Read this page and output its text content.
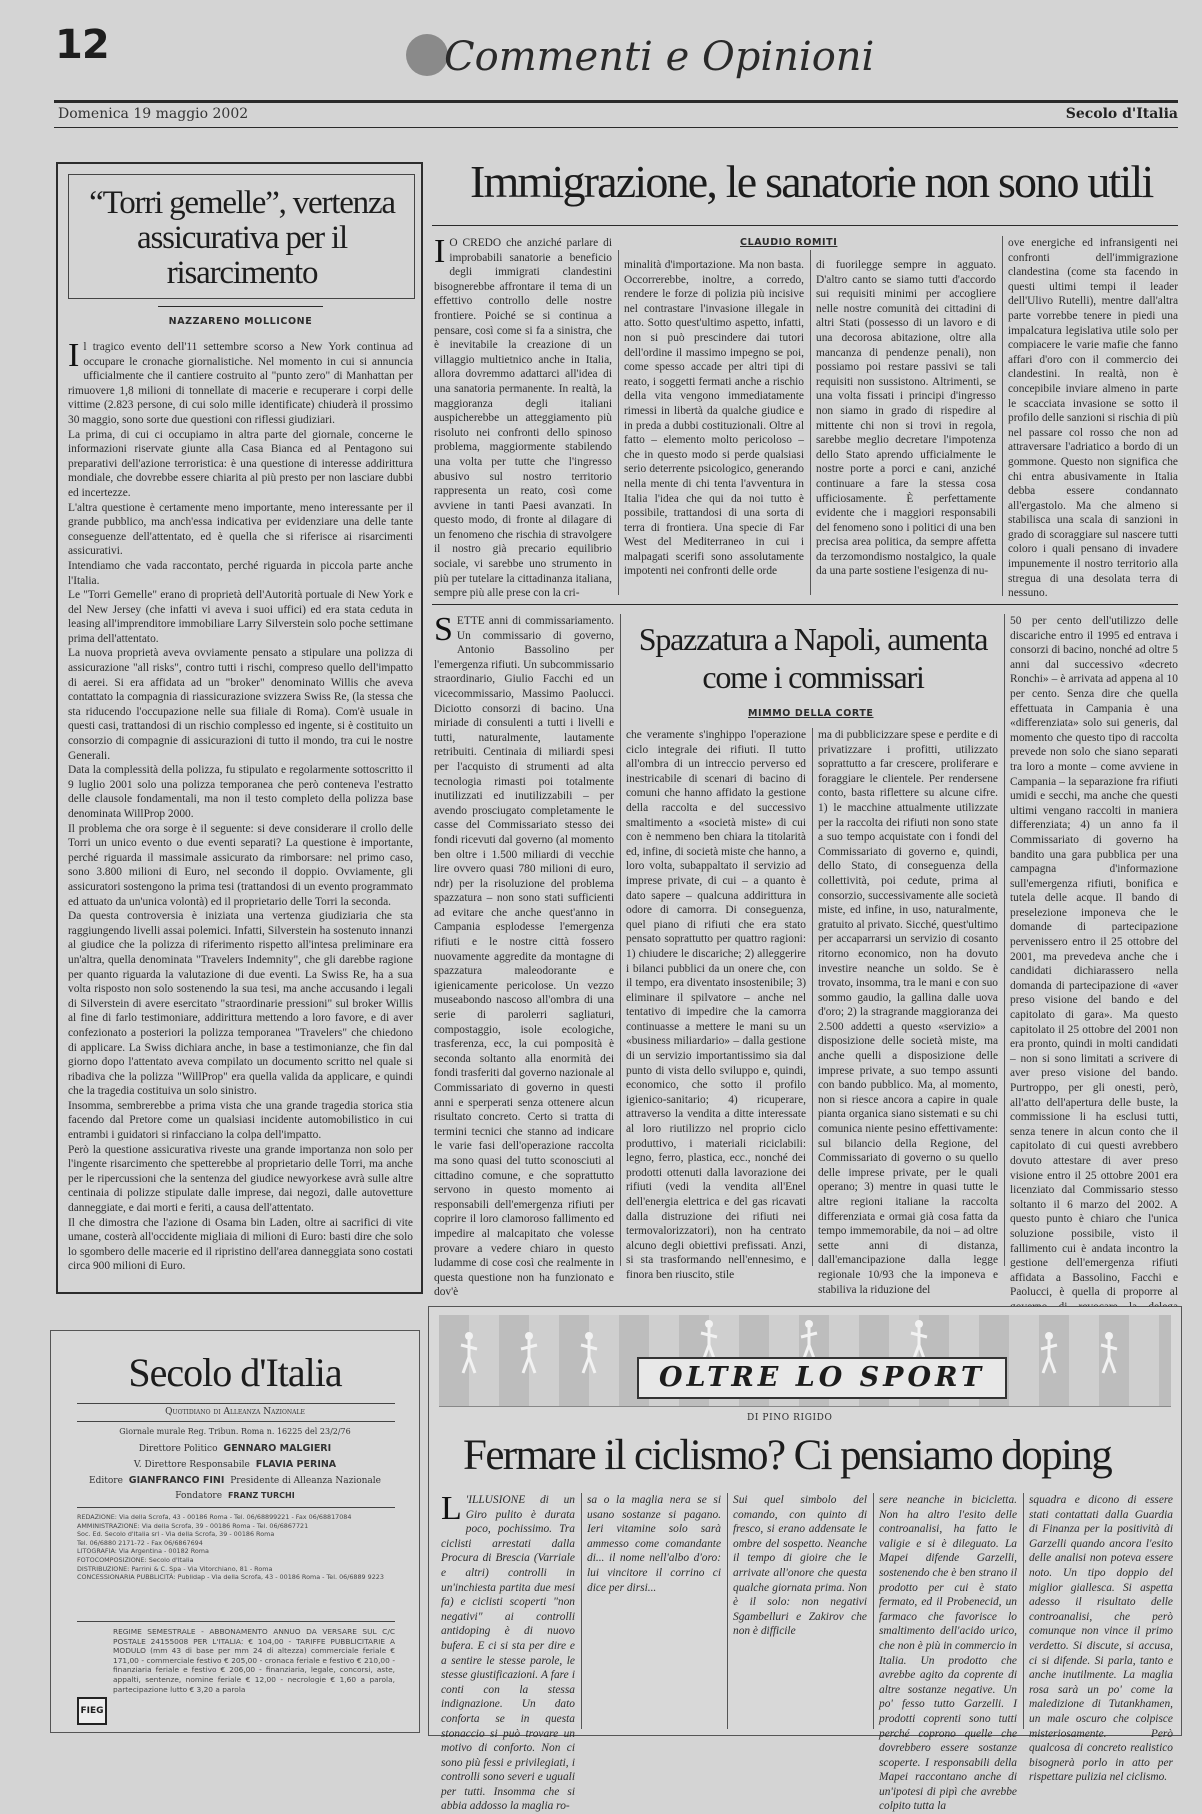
12	Commenti e Opinioni
Domenica 19 maggio 2002	Secolo d'Italia
“Torri gemelle”, vertenza assicurativa per il risarcimento
NAZZARENO MOLLICONE
I l tragico evento dell'11 settembre scorso a New York continua ad occupare le cronache giornalistiche. Nel momento in cui si annuncia ufficialmente che il cantiere costruito al "punto zero" di Manhattan per rimuovere 1,8 milioni di tonnellate di macerie e recuperare i corpi delle vittime (2.823 persone, di cui solo mille identificate) chiuderà il prossimo 30 maggio, sono sorte due questioni con riflessi giudiziari.

La prima, di cui ci occupiamo in altra parte del giornale, concerne le informazioni riservate giunte alla Casa Bianca ed al Pentagono sui preparativi dell'azione terroristica: è una questione di interesse addirittura mondiale, che dovrebbe essere chiarita al più presto per non lasciare dubbi ed incertezze.

L'altra questione è certamente meno importante, meno interessante per il grande pubblico, ma anch'essa indicativa per evidenziare una delle tante conseguenze dell'attentato, ed è quella che si riferisce ai risarcimenti assicurativi.

Intendiamo che vada raccontato, perché riguarda in piccola parte anche l'Italia.

Le "Torri Gemelle" erano di proprietà dell'Autorità portuale di New York e del New Jersey (che infatti vi aveva i suoi uffici) ed era stata ceduta in leasing all'imprenditore immobiliare Larry Silverstein solo poche settimane prima dell'attentato.

La nuova proprietà aveva ovviamente pensato a stipulare una polizza di assicurazione "all risks", contro tutti i rischi, compreso quello dell'impatto di aerei. Si era affidata ad un "broker" denominato Willis che aveva contattato la compagnia di riassicurazione svizzera Swiss Re, (la stessa che sta riducendo l'occupazione nelle sua filiale di Roma). Com'è usuale in questi casi, trattandosi di un rischio complesso ed ingente, si è costituito un consorzio di compagnie di assicurazioni di tutto il mondo, tra cui le nostre Generali.

Data la complessità della polizza, fu stipulato e regolarmente sottoscritto il 9 luglio 2001 solo una polizza temporanea che però conteneva l'estratto delle clausole fondamentali, ma non il testo completo della polizza base denominata WillProp 2000.

Il problema che ora sorge è il seguente: si deve considerare il crollo delle Torri un unico evento o due eventi separati? La questione è importante, perché riguarda il massimale assicurato da rimborsare: nel primo caso, sono 3.800 milioni di Euro, nel secondo il doppio. Ovviamente, gli assicuratori sostengono la prima tesi (trattandosi di un evento programmato ed attuato da un'unica volontà) ed il proprietario delle Torri la seconda.

Da questa controversia è iniziata una vertenza giudiziaria che sta raggiungendo livelli assai polemici. Infatti, Silverstein ha sostenuto innanzi al giudice che la polizza di riferimento rispetto all'intesa preliminare era un'altra, quella denominata "Travelers Indemnity", che gli darebbe ragione per quanto riguarda la valutazione di due eventi. La Swiss Re, ha a sua volta risposto non solo sostenendo la sua tesi, ma anche accusando i legali di Silverstein di avere esercitato "straordinarie pressioni" sul broker Willis al fine di farlo testimoniare, addirittura mettendo a loro favore, e di aver confezionato a posteriori la polizza temporanea "Travelers" che chiedono di applicare. La Swiss dichiara anche, in base a testimonianze, che fin dal giorno dopo l'attentato aveva compilato un documento scritto nel quale si ribadiva che la polizza "WillProp" era quella valida da applicare, e quindi che la tragedia costituiva un solo sinistro.

Insomma, sembrerebbe a prima vista che una grande tragedia storica stia facendo dal Pretore come un qualsiasi incidente automobilistico in cui entrambi i guidatori si rinfacciano la colpa dell'impatto.

Però la questione assicurativa riveste una grande importanza non solo per l'ingente risarcimento che spetterebbe al proprietario delle Torri, ma anche per le ripercussioni che la sentenza del giudice newyorkese avrà sulle altre centinaia di polizze stipulate dalle imprese, dai negozi, dalle autovetture danneggiate, e dai morti e feriti, a causa dell'attentato.

Il che dimostra che l'azione di Osama bin Laden, oltre ai sacrifici di vite umane, costerà all'occidente migliaia di milioni di Euro: basti dire che solo lo sgombero delle macerie ed il ripristino dell'area danneggiata sono costati circa 900 milioni di Euro.

Immigrazione, le sanatorie non sono utili
CLAUDIO ROMITI
I O CREDO che anziché parlare di improbabili sanatorie a beneficio degli immigrati clandestini bisognerebbe affrontare il tema di un effettivo controllo delle nostre frontiere. Poiché se si continua a pensare, così come si fa a sinistra, che è inevitabile la creazione di un villaggio multietnico anche in Italia, allora dovremmo adattarci all'idea di una sanatoria permanente. In realtà, la maggioranza degli italiani auspicherebbe un atteggiamento più risoluto nei confronti dello spinoso problema, maggiormente stabilendo una volta per tutte che l'ingresso abusivo sul nostro territorio rappresenta un reato, così come avviene in tanti Paesi avanzati. In questo modo, di fronte al dilagare di un fenomeno che rischia di stravolgere il nostro già precario equilibrio sociale, vi sarebbe uno strumento in più per tutelare la cittadinanza italiana, sempre più alle prese con la cri-

minalità d'importazione. Ma non basta. Occorrerebbe, inoltre, a corredo, rendere le forze di polizia più incisive nel contrastare l'invasione illegale in atto. Sotto quest'ultimo aspetto, infatti, non si può prescindere dai tutori dell'ordine il massimo impegno se poi, come spesso accade per altri tipi di reato, i soggetti fermati anche a rischio della vita vengono immediatamente rimessi in libertà da qualche giudice e in preda a dubbi costituzionali. Oltre al fatto – elemento molto pericoloso – che in questo modo si perde qualsiasi serio deterrente psicologico, generando nella mente di chi tenta l'avventura in Italia l'idea che qui da noi tutto è possibile, trattandosi di una sorta di terra di frontiera. Una specie di Far West del Mediterraneo in cui i malpagati scerifi sono assolutamente impotenti nei confronti delle orde

di fuorilegge sempre in agguato. D'altro canto se siamo tutti d'accordo sui requisiti minimi per accogliere nelle nostre comunità dei cittadini di altri Stati (possesso di un lavoro e di una decorosa abitazione, oltre alla mancanza di pendenze penali), non possiamo poi restare passivi se tali requisiti non sussistono. Altrimenti, se una volta fissati i principi d'ingresso non siamo in grado di rispedire al mittente chi non si trovi in regola, sarebbe meglio decretare l'impotenza dello Stato aprendo ufficialmente le nostre porte a porci e cani, anziché continuare a fare la stessa cosa ufficiosamente. È perfettamente evidente che i maggiori responsabili del fenomeno sono i politici di una ben precisa area politica, da sempre affetta da terzomondismo nostalgico, la quale da una parte sostiene l'esigenza di nu-

ove energiche ed infransigenti nei confronti dell'immigrazione clandestina (come sta facendo in questi ultimi tempi il leader dell'Ulivo Rutelli), mentre dall'altra parte vorrebbe tenere in piedi una impalcatura legislativa utile solo per compiacere le varie mafie che fanno affari d'oro con il commercio dei clandestini. In realtà, non è concepibile inviare almeno in parte le scacciata invasione se sotto il profilo delle sanzioni si rischia di più nel passare col rosso che non ad attraversare l'adriatico a bordo di un gommone. Questo non significa che chi entra abusivamente in Italia debba essere condannato all'ergastolo. Ma che almeno si stabilisca una scala di sanzioni in grado di scoraggiare sul nascere tutti coloro i quali pensano di invadere impunemente il nostro territorio alla stregua di una desolata terra di nessuno.

S ETTE anni di commissariamento. Un commissario di governo, Antonio Bassolino per l'emergenza rifiuti. Un subcommissario straordinario, Giulio Facchi ed un vicecommissario, Massimo Paolucci. Diciotto consorzi di bacino. Una miriade di consulenti a tutti i livelli e tutti, naturalmente, lautamente retribuiti. Centinaia di miliardi spesi per l'acquisto di strumenti ad alta tecnologia rimasti poi totalmente inutilizzati ed inutilizzabili – per avendo prosciugato completamente le casse del Commissariato stesso dei fondi ricevuti dal governo (al momento ben oltre i 1.500 miliardi di vecchie lire ovvero quasi 780 milioni di euro, ndr) per la risoluzione del problema spazzatura – non sono stati sufficienti ad evitare che anche quest'anno in Campania esplodesse l'emergenza rifiuti e le nostre città fossero nuovamente aggredite da montagne di spazzatura maleodorante e igienicamente pericolose. Un vezzo museabondo nascoso all'ombra di una serie di parolerri sagliaturi, compostaggio, isole ecologiche, trasferenza, ecc, la cui pomposità è seconda soltanto alla enormità dei fondi trasferiti dal governo nazionale al Commissariato di governo in questi anni e sperperati senza ottenere alcun risultato concreto. Certo si tratta di termini tecnici che stanno ad indicare le varie fasi dell'operazione raccolta ma sono quasi del tutto sconosciuti al cittadino comune, e che soprattutto servono in questo momento ai responsabili dell'emergenza rifiuti per coprire il loro clamoroso fallimento ed impedire al malcapitato che volesse provare a vedere chiaro in questo ludamme di cose così che realmente in questa questione non ha funzionato e dov'è

Spazzatura a Napoli, aumenta come i commissari
MIMMO DELLA CORTE

che veramente s'inghippo l'operazione ciclo integrale dei rifiuti. Il tutto all'ombra di un intreccio perverso ed inestricabile di scenari di bacino di comuni che hanno affidato la gestione della raccolta e del successivo smaltimento a «società miste» di cui con è nemmeno ben chiara la titolarità ed, infine, di società miste che hanno, a loro volta, subappaltato il servizio ad imprese private, di cui – a quanto è dato sapere – qualcuna addirittura in odore di camorra. Di conseguenza, quel piano di rifiuti che era stato pensato soprattutto per quattro ragioni: 1) chiudere le discariche; 2) alleggerire i bilanci pubblici da un onere che, con il tempo, era diventato insostenibile; 3) eliminare il spilvatore – anche nel tentativo di impedire che la camorra continuasse a mettere le mani su un «business miliardario» – dalla gestione di un servizio importantissimo sia dal punto di vista dello sviluppo e, quindi, economico, che sotto il profilo igienico-sanitario; 4) ricuperare, attraverso la vendita a ditte interessate al loro riutilizzo nel proprio ciclo produttivo, i materiali riciclabili: legno, ferro, plastica, ecc., nonché dei prodotti ottenuti dalla lavorazione dei rifiuti (vedi la vendita all'Enel dell'energia elettrica e del gas ricavati dalla distruzione dei rifiuti nei termovalorizzatori), non ha centrato alcuno degli obiettivi prefissati. Anzi, si sta trasformando nell'ennesimo, e finora ben riuscito, stile

ma di pubblicizzare spese e perdite e di privatizzare i profitti, utilizzato soprattutto a far crescere, proliferare e foraggiare le clientele. Per rendersene conto, basta riflettere su alcune cifre. 1) le macchine attualmente utilizzate per la raccolta dei rifiuti non sono state a suo tempo acquistate con i fondi del Commissariato di governo e, quindi, dello Stato, di conseguenza della collettività, poi cedute, prima al consorzio, successivamente alle società miste, ed infine, in uso, naturalmente, gratuito al privato. Sicché, quest'ultimo per accaparrarsi un servizio di cosanto ritorno economico, non ha dovuto investire neanche un soldo. Se è trovato, insomma, tra le mani e con suo sommo gaudio, la gallina dalle uova d'oro; 2) la stragrande maggioranza dei 2.500 addetti a questo «servizio» a disposizione delle società miste, ma anche quelli a disposizione delle imprese private, a suo tempo assunti con bando pubblico. Ma, al momento, non si riesce ancora a capire in quale pianta organica siano sistemati e su chi comunica niente pesino effettivamente: sul bilancio della Regione, del Commissariato di governo o su quello delle imprese private, per le quali operano; 3) mentre in quasi tutte le altre regioni italiane la raccolta differenziata e ormai già cosa fatta da tempo immemorabile, da noi – ad oltre sette anni di distanza, dall'emancipazione dalla legge regionale 10/93 che la imponeva e stabiliva la riduzione del

50 per cento dell'utilizzo delle discariche entro il 1995 ed entrava i consorzi di bacino, nonché ad oltre 5 anni dal successivo «decreto Ronchi» – è arrivata ad appena al 10 per cento. Senza dire che quella effettuata in Campania è una «differenziata» solo sui generis, dal momento che questo tipo di raccolta prevede non solo che siano separati tra loro a monte – come avviene in Campania – la separazione fra rifiuti umidi e secchi, ma anche che questi ultimi vengano raccolti in maniera differenziata; 4) un anno fa il Commissariato di governo ha bandito una gara pubblica per una campagna d'informazione sull'emergenza rifiuti, bonifica e tutela delle acque. Il bando di preselezione imponeva che le domande di partecipazione pervenissero entro il 25 ottobre del 2001, ma prevedeva anche che i candidati dichiarassero nella domanda di partecipazione di «aver preso visione del bando e del capitolato di gara». Ma questo capitolato il 25 ottobre del 2001 non era pronto, quindi in molti candidati – non si sono limitati a scrivere di aver preso visione del bando. Purtroppo, per gli onesti, però, all'atto dell'apertura delle buste, la commissione li ha esclusi tutti, senza tenere in alcun conto che il capitolato di cui questi avrebbero dovuto attestare di aver preso visione entro il 25 ottobre 2001 era licenziato dal Commissario stesso soltanto il 6 marzo del 2002. A questo punto è chiaro che l'unica soluzione possibile, visto il fallimento cui è andata incontro la gestione dell'emergenza rifiuti affidata a Bassolino, Facchi e Paolucci, è quella di proporre al

Secolo d'Italia
Quotidiano di Alleanza Nazionale
Giornale murale Reg. Tribun. Roma n. 16225 del 23/2/76
Direttore Politico GENNARO MALGIERI
V. Direttore Responsabile FLAVIA PERINA
Editore GIANFRANCO FINI Presidente di Alleanza Nazionale
Fondatore FRANZ TURCHI
REDAZIONE: Via della Scrofa, 43 - 00186 Roma - Tel. 06/68899221 - Fax 06/68817084
AMMINISTRAZIONE: Via della Scrofa, 39 - 00186 Roma - Tel. 06/6867721
Soc. Ed. Secolo d'Italia srl - Via della Scrofa, 39 - 00186 Roma
Tel. 06/6880 2171-72 - Fax 06/6867694
LITOGRAFIA: Via Argentina - 00182 Roma
FOTOCOMPOSIZIONE: Secolo d'Italia
DISTRIBUZIONE: Parrini & C. Spa - Via Vitorchiano, 81 - Roma
CONCESSIONARIA PUBBLICITÀ: Publidap - Via della Scrofa, 43 - 00186 Roma - Tel. 06/6889 9223
REGIME SEMESTRALE - ABBONAMENTO ANNUO DA VERSARE SUL C/C POSTALE 24155008 PER L'ITALIA: € 104,00 - TARIFFE PUBBLICITARIE A MODULO (mm 43 di base per mm 24 di altezza) commerciale feriale € 171,00 - commerciale festivo € 205,00 - cronaca feriale e festivo € 210,00 - finanziaria feriale e festivo € 206,00 - finanziaria, legale, concorsi, aste, appalti, sentenze, nomine feriale € 12,00 - necrologie € 1,60 a parola, partecipazione lutto € 3,20 a parola
FIEG
OLTRE LO SPORT
DI PINO RIGIDO
Fermare il ciclismo? Ci pensiamo doping
L 'ILLUSIONE di un Giro pulito è durata poco, pochissimo. Tra ciclisti arrestati dalla Procura di Brescia (Varriale e altri) controlli in un'inchiesta partita due mesi fa) e ciclisti scoperti "non negativi" ai controlli antidoping è di nuovo bufera. E ci si sta per dire e a sentire le stesse parole, le stesse giustificazioni. A fare i conti con la stessa indignazione. Un dato conforta se in questa stonaccio si può trovare un motivo di conforto. Non ci sono più fessi e privilegiati, i controlli sono severi e uguali per tutti. Insomma che si abbia addosso la maglia ro-

sa o la maglia nera se si usano sostanze si pagano. Ieri vitamine solo sarà ammesso come comandante di... il nome nell'albo d'oro: lui vincitore il corrino ci dice per dirsi...

Sui quel simbolo del comando, con quinto di fresco, si erano addensate le ombre del sospetto. Neanche il tempo di gioire che le arrivate all'onore che questa qualche giornata prima. Non è il solo: non negativi Sgambelluri e Zakirov che non è difficile

sere neanche in bicicletta. Non ha altro l'esito delle controanalisi, ha fatto le valigie e si è dileguato. La Mapei difende Garzelli, sostenendo che è ben strano il prodotto per cui è stato fermato, ed il Probenecid, un farmaco che favorisce lo smaltimento dell'acido urico, che non è più in commercio in Italia. Un prodotto che avrebbe agito da coprente di altre sostanze negative. Un po' fesso tutto Garzelli. I prodotti coprenti sono tutti perché coprono quelle che dovrebbero essere sostanze scoperte. I responsabili della Mapei raccontano anche di un'ipotesi di pipì che avrebbe colpito tutta la

squadra e dicono di essere stati contattati dalla Guardia di Finanza per la positività di Garzelli quando ancora l'esito delle analisi non poteva essere noto. Un tipo doppio del miglior giallesca. Si aspetta adesso il risultato delle controanalisi, che però comunque non vince il primo verdetto. Si discute, si accusa, ci si difende. Si parla, tanto e anche inutilmente. La maglia rosa sarà un po' come la maledizione di Tutankhamen, un male oscuro che colpisce misteriosamente. Però qualcosa di concreto realistico bisognerà porlo in atto per rispettare pulizia nel ciclismo.
